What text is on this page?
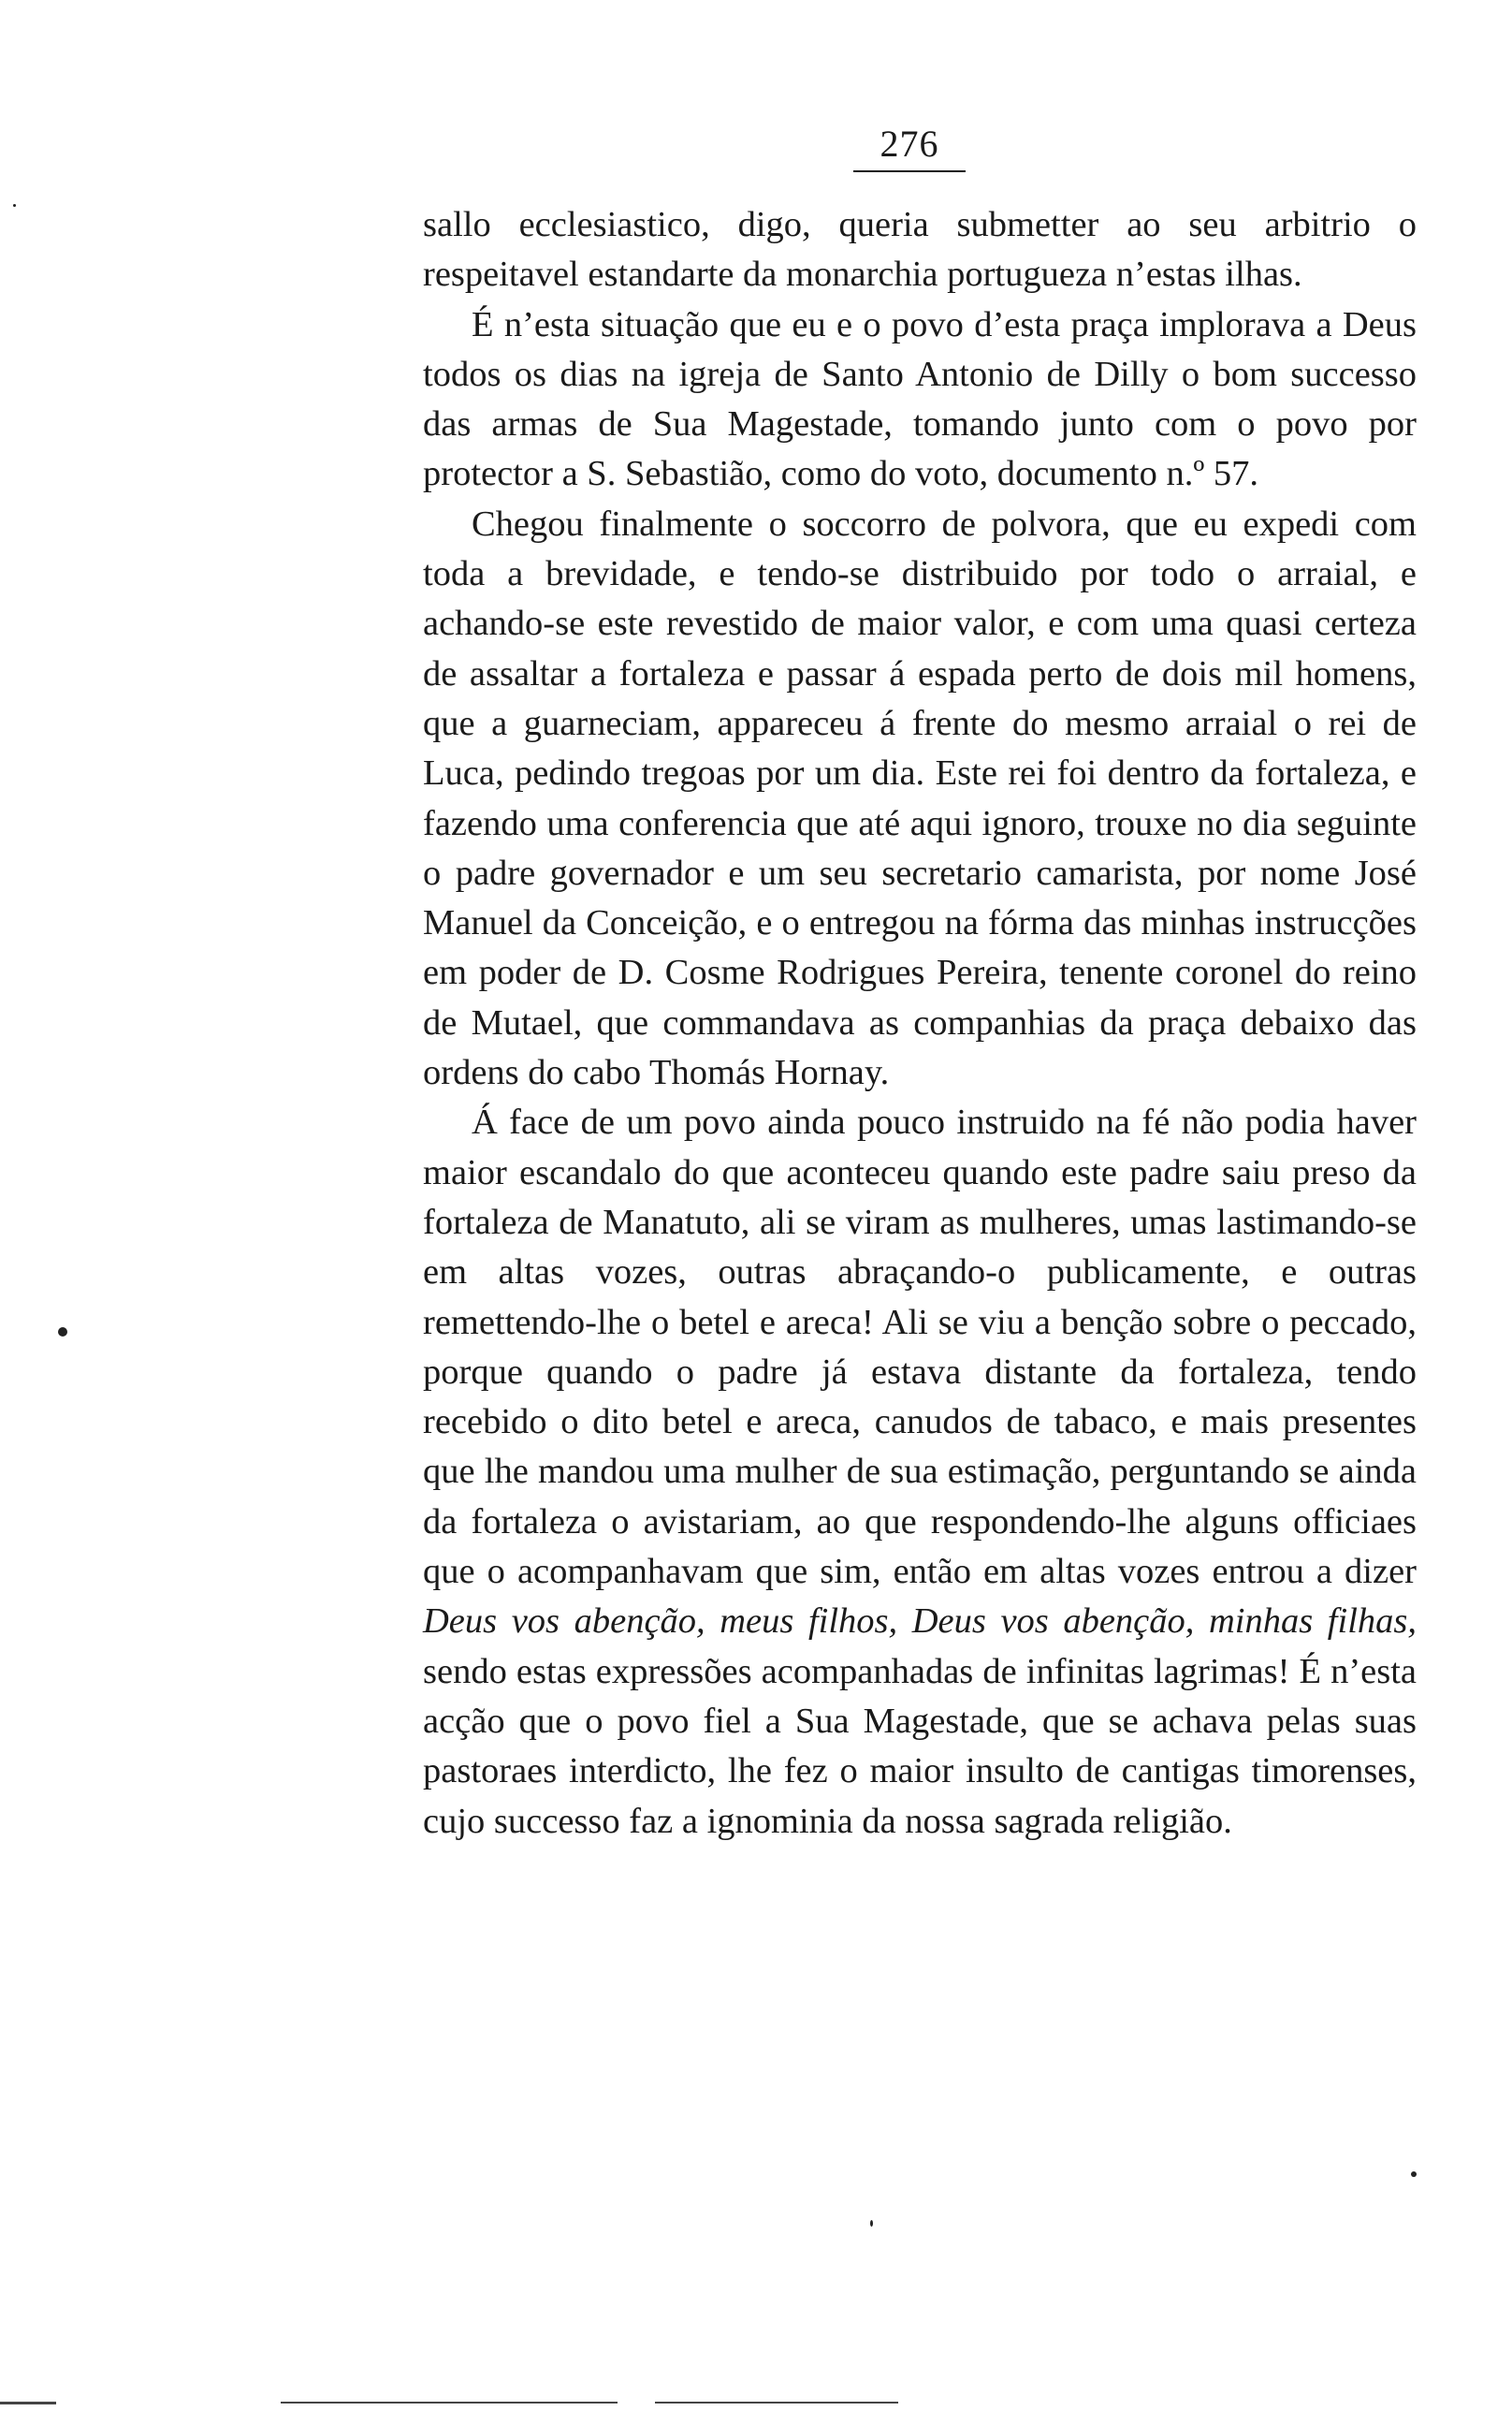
276

sallo ecclesiastico, digo, queria submetter ao seu arbitrio o respeitavel estandarte da monarchia portugueza n’estas ilhas.

É n’esta situação que eu e o povo d’esta praça implorava a Deus todos os dias na igreja de Santo Antonio de Dilly o bom successo das armas de Sua Magestade, tomando junto com o povo por protector a S. Sebastião, como do voto, documento n.º 57.

Chegou finalmente o soccorro de polvora, que eu expedi com toda a brevidade, e tendo-se distribuido por todo o arraial, e achando-se este revestido de maior valor, e com uma quasi certeza de assaltar a fortaleza e passar á espada perto de dois mil homens, que a guarneciam, appareceu á frente do mesmo arraial o rei de Luca, pedindo tregoas por um dia. Este rei foi dentro da fortaleza, e fazendo uma conferencia que até aqui ignoro, trouxe no dia seguinte o padre governador e um seu secretario camarista, por nome José Manuel da Conceição, e o entregou na fórma das minhas instrucções em poder de D. Cosme Rodrigues Pereira, tenente coronel do reino de Mutael, que commandava as companhias da praça debaixo das ordens do cabo Thomás Hornay.

Á face de um povo ainda pouco instruido na fé não podia haver maior escandalo do que aconteceu quando este padre saiu preso da fortaleza de Manatuto, ali se viram as mulheres, umas lastimando-se em altas vozes, outras abraçando-o publicamente, e outras remettendo-lhe o betel e areca! Ali se viu a benção sobre o peccado, porque quando o padre já estava distante da fortaleza, tendo recebido o dito betel e areca, canudos de tabaco, e mais presentes que lhe mandou uma mulher de sua estimação, perguntando se ainda da fortaleza o avistariam, ao que respondendo-lhe alguns officiaes que o acompanhavam que sim, então em altas vozes entrou a dizer Deus vos abenção, meus filhos, Deus vos abenção, minhas filhas, sendo estas expressões acompanhadas de infinitas lagrimas! É n’esta acção que o povo fiel a Sua Magestade, que se achava pelas suas pastoraes interdicto, lhe fez o maior insulto de cantigas timorenses, cujo successo faz a ignominia da nossa sagrada religião.
